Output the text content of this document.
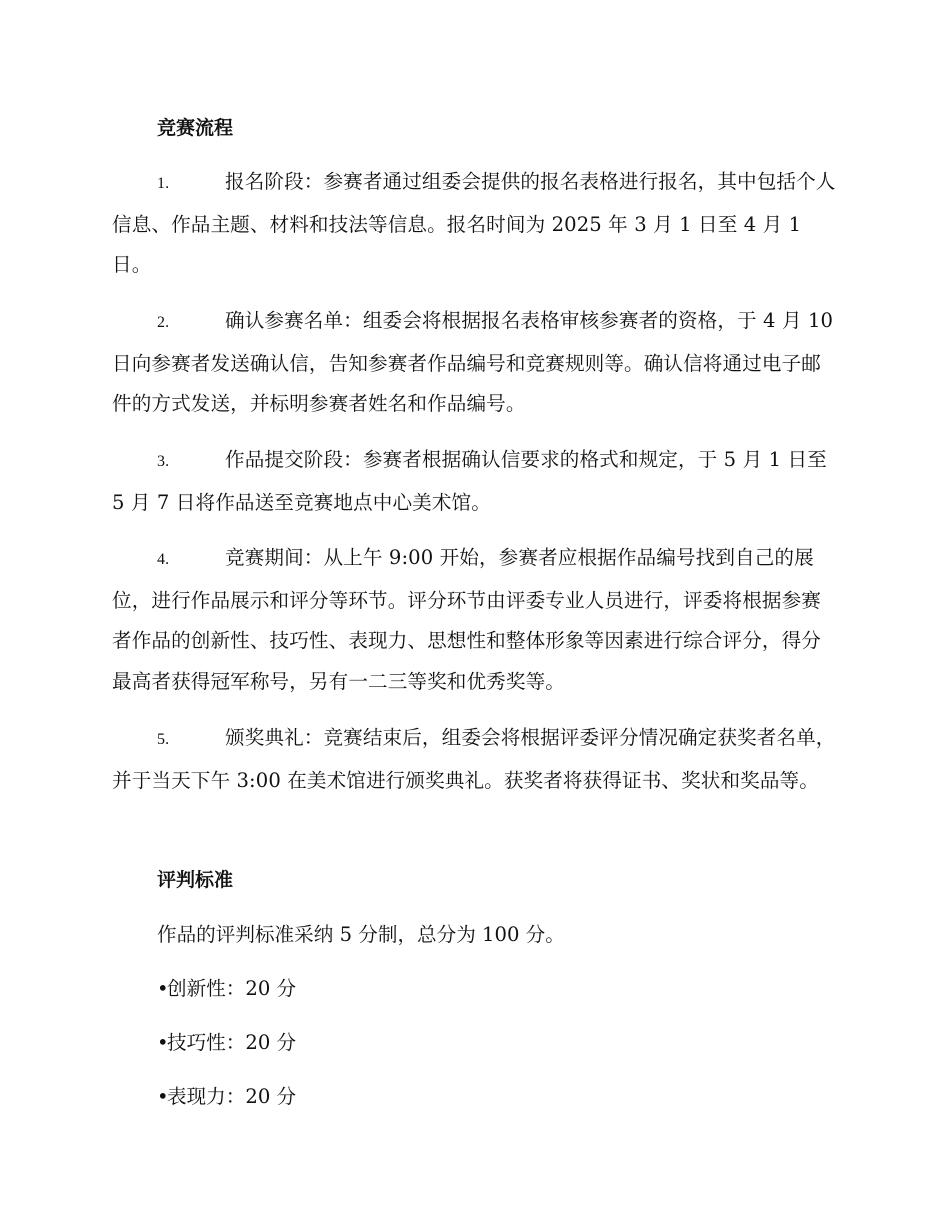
竞赛流程
1.	报名阶段：参赛者通过组委会提供的报名表格进行报名，其中包括个人信息、作品主题、材料和技法等信息。报名时间为 2025 年 3 月 1 日至 4 月 1 日。
2.	确认参赛名单：组委会将根据报名表格审核参赛者的资格，于 4 月 10 日向参赛者发送确认信，告知参赛者作品编号和竞赛规则等。确认信将通过电子邮件的方式发送，并标明参赛者姓名和作品编号。
3.	作品提交阶段：参赛者根据确认信要求的格式和规定，于 5 月 1 日至 5 月 7 日将作品送至竞赛地点中心美术馆。
4.	竞赛期间：从上午 9:00 开始，参赛者应根据作品编号找到自己的展位，进行作品展示和评分等环节。评分环节由评委专业人员进行，评委将根据参赛者作品的创新性、技巧性、表现力、思想性和整体形象等因素进行综合评分，得分最高者获得冠军称号，另有一二三等奖和优秀奖等。
5.	颁奖典礼：竞赛结束后，组委会将根据评委评分情况确定获奖者名单，并于当天下午 3:00 在美术馆进行颁奖典礼。获奖者将获得证书、奖状和奖品等。
评判标准

作品的评判标准采纳 5 分制，总分为 100 分。

•创新性：20 分
•技巧性：20 分
•表现力：20 分
